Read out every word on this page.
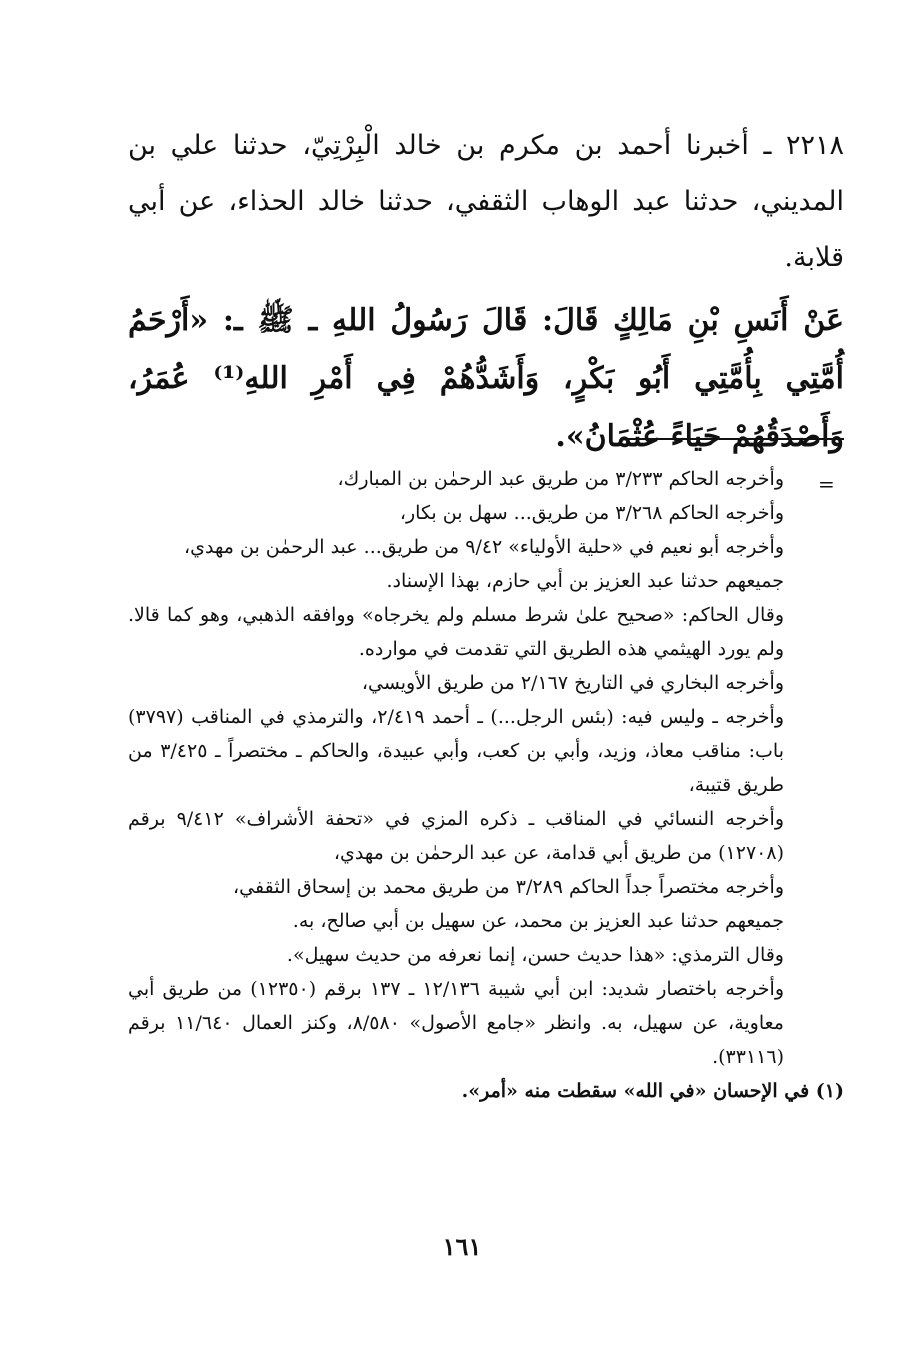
٢٢١٨ ـ أخبرنا أحمد بن مكرم بن خالد الْبِرْتِيّ، حدثنا علي بن المديني، حدثنا عبد الوهاب الثقفي، حدثنا خالد الحذاء، عن أبي قلابة.

عَنْ أَنَسِ بْنِ مَالِكٍ قَالَ: قَالَ رَسُولُ اللهِ ـ ﷺ ـ: «أَرْحَمُ أُمَّتِي بِأُمَّتِي أَبُو بَكْرٍ، وَأَشَدُّهُمْ فِي أَمْرِ اللهِ⁽¹⁾ عُمَرُ، وَأَصْدَقُهُمْ حَيَاءً عُثْمَانُ».

=

وأخرجه الحاكم ٣/٢٣٣ من طريق عبد الرحمٰن بن المبارك،

وأخرجه الحاكم ٣/٢٦٨ من طريق... سهل بن بكار،

وأخرجه أبو نعيم في «حلية الأولياء» ٩/٤٢ من طريق... عبد الرحمٰن بن مهدي،

جميعهم حدثنا عبد العزيز بن أبي حازم، بهذا الإسناد.

وقال الحاكم: «صحيح علىٰ شرط مسلم ولم يخرجاه» ووافقه الذهبي، وهو كما قالا. ولم يورد الهيثمي هذه الطريق التي تقدمت في موارده.

وأخرجه البخاري في التاريخ ٢/١٦٧ من طريق الأويسي،

وأخرجه ـ وليس فيه: (بئس الرجل...) ـ أحمد ٢/٤١٩، والترمذي في المناقب (٣٧٩٧) باب: مناقب معاذ، وزيد، وأبي بن كعب، وأبي عبيدة، والحاكم ـ مختصراً ـ ٣/٤٢٥ من طريق قتيبة،

وأخرجه النسائي في المناقب ـ ذكره المزي في «تحفة الأشراف» ٩/٤١٢ برقم (١٢٧٠٨) من طريق أبي قدامة، عن عبد الرحمٰن بن مهدي،

وأخرجه مختصراً جداً الحاكم ٣/٢٨٩ من طريق محمد بن إسحاق الثقفي،

جميعهم حدثنا عبد العزيز بن محمد، عن سهيل بن أبي صالح، به.

وقال الترمذي: «هذا حديث حسن، إنما نعرفه من حديث سهيل».

وأخرجه باختصار شديد: ابن أبي شيبة ١٢/١٣٦ ـ ١٣٧ برقم (١٢٣٥٠) من طريق أبي معاوية، عن سهيل، به. وانظر «جامع الأصول» ٨/٥٨٠، وكنز العمال ١١/٦٤٠ برقم (٣٣١١٦).

(١) في الإحسان «في الله» سقطت منه «أمر».

١٦١
